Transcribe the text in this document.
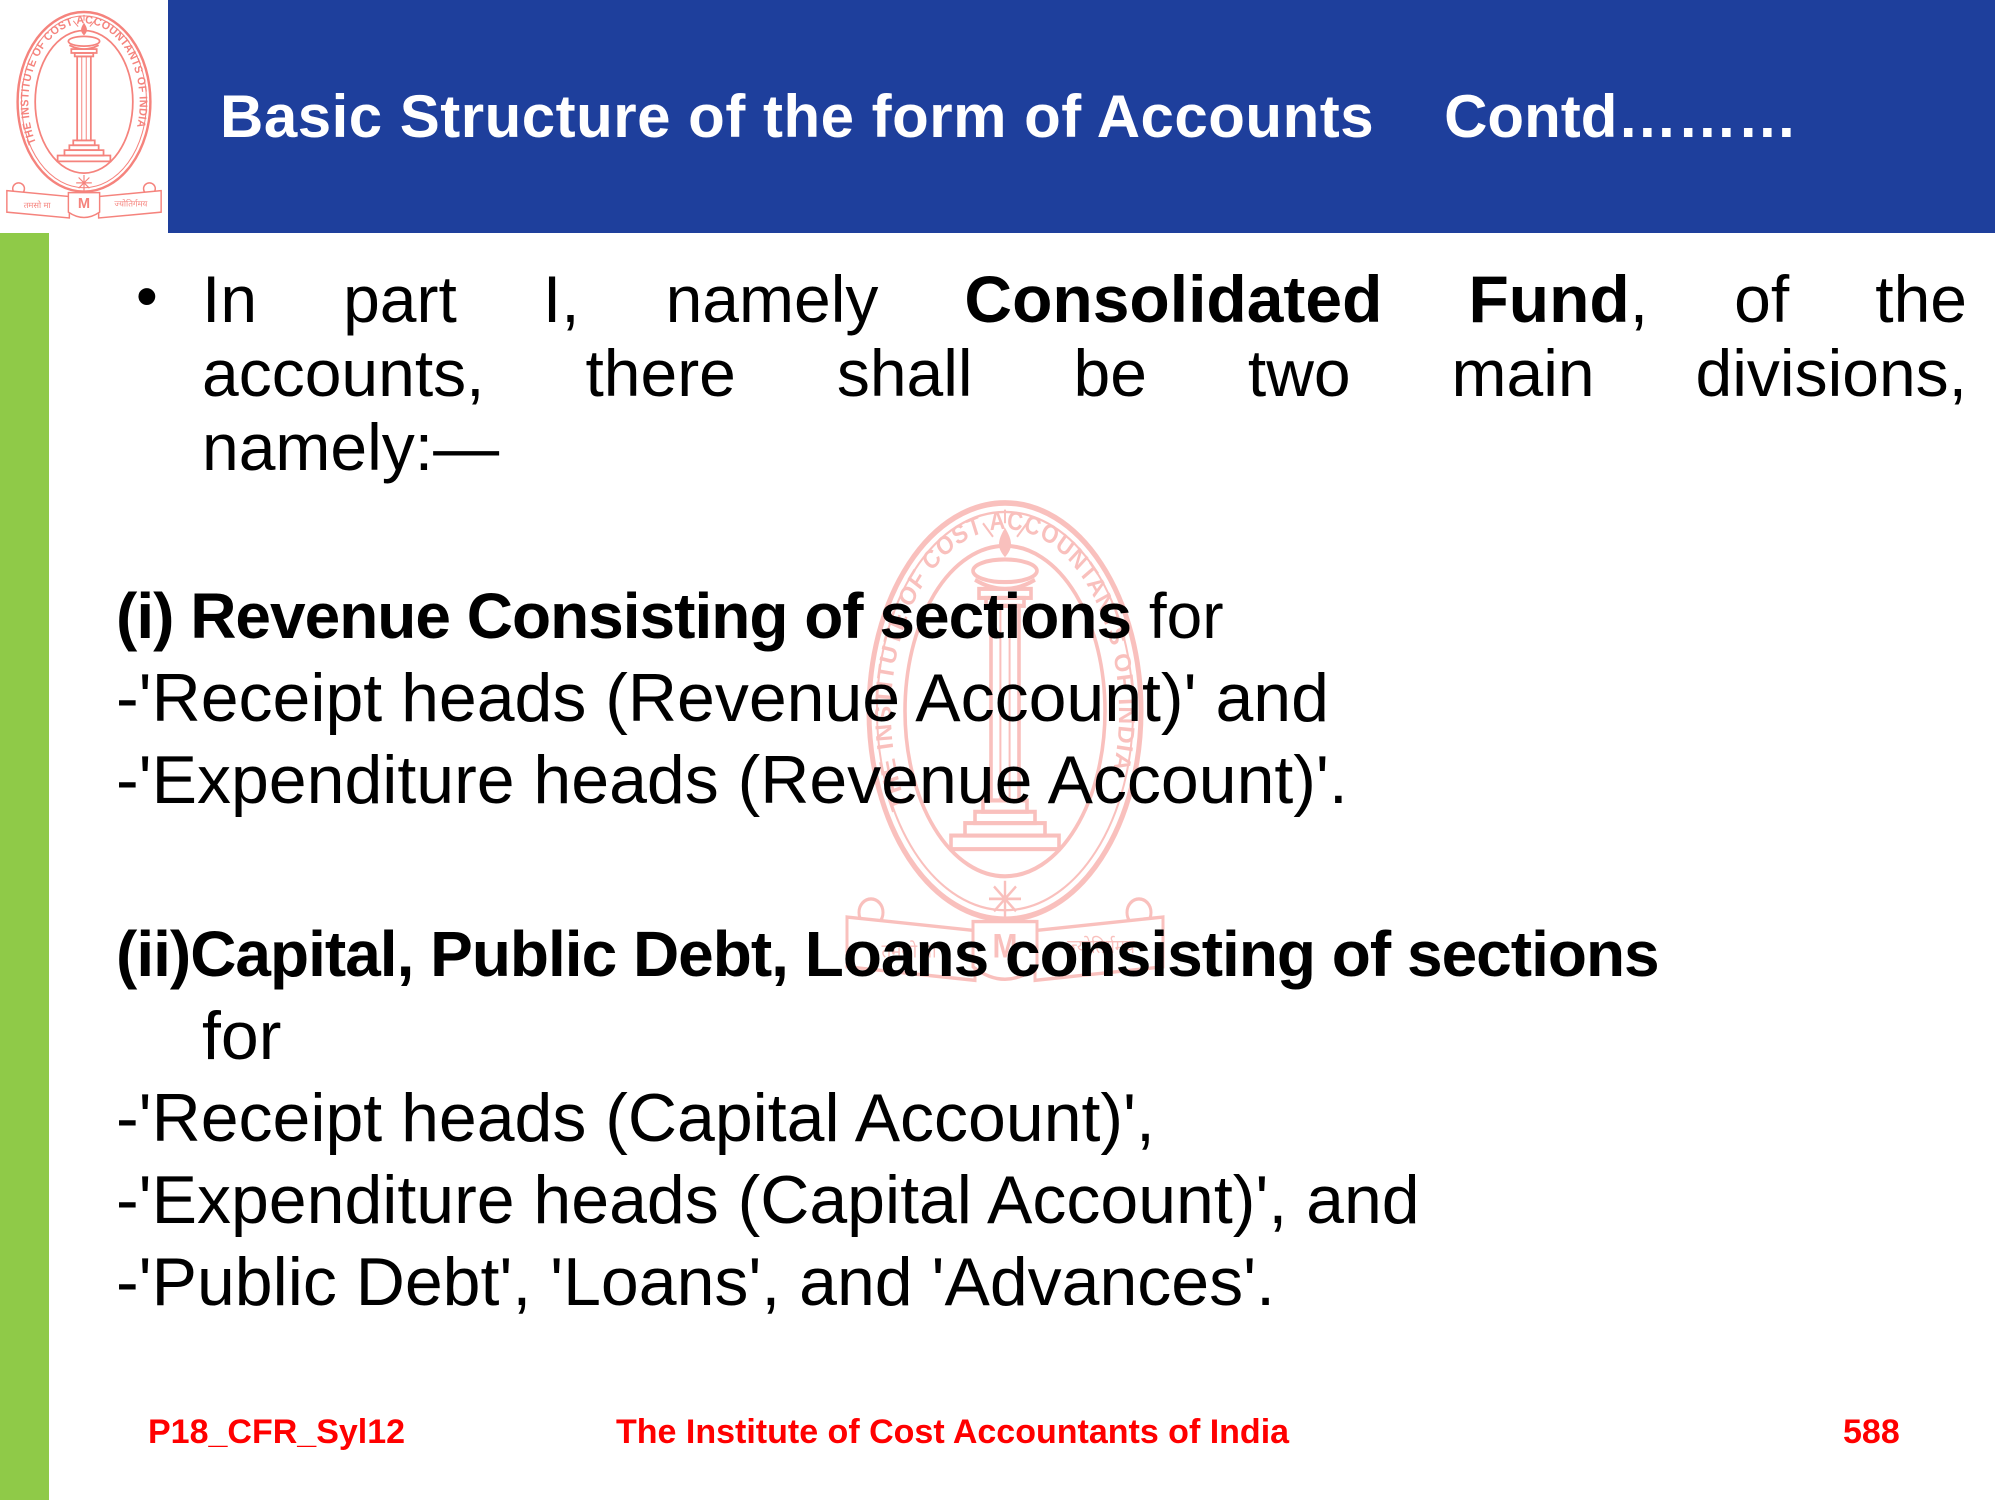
Basic Structure of the form of Accounts Contd………
• In part I, namely Consolidated Fund, of the
accounts, there shall be two main divisions,
namely:—
(i) Revenue Consisting of sections for
-'Receipt heads (Revenue Account)' and
-'Expenditure heads (Revenue Account)'.
(ii)Capital, Public Debt, Loans consisting of sections
for
-'Receipt heads (Capital Account)',
-'Expenditure heads (Capital Account)', and
-'Public Debt', 'Loans', and 'Advances'.
P18_CFR_Syl12	The Institute of Cost Accountants of India	588
